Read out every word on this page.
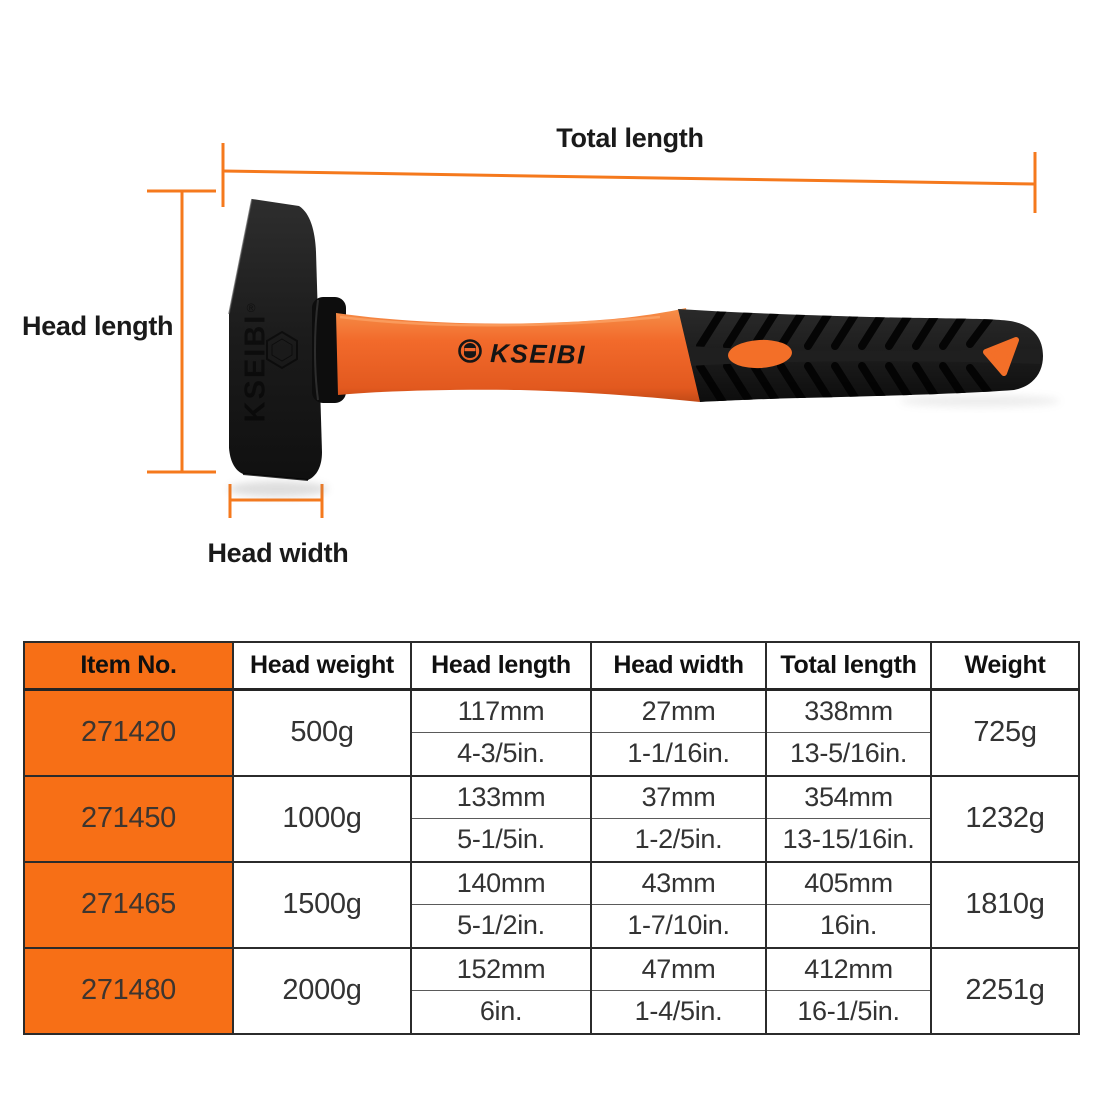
KSEIBI
®
KSEIBI
Total length
Head length
Head width
Item No.	Head weight	Head length	Head width	Total length	Weight
271420	500g	117mm	27mm	338mm	725g
		4-3/5in.	1-1/16in.	13-5/16in.	
271450	1000g	133mm	37mm	354mm	1232g
		5-1/5in.	1-2/5in.	13-15/16in.	
271465	1500g	140mm	43mm	405mm	1810g
		5-1/2in.	1-7/10in.	16in.	
271480	2000g	152mm	47mm	412mm	2251g
		6in.	1-4/5in.	16-1/5in.	
